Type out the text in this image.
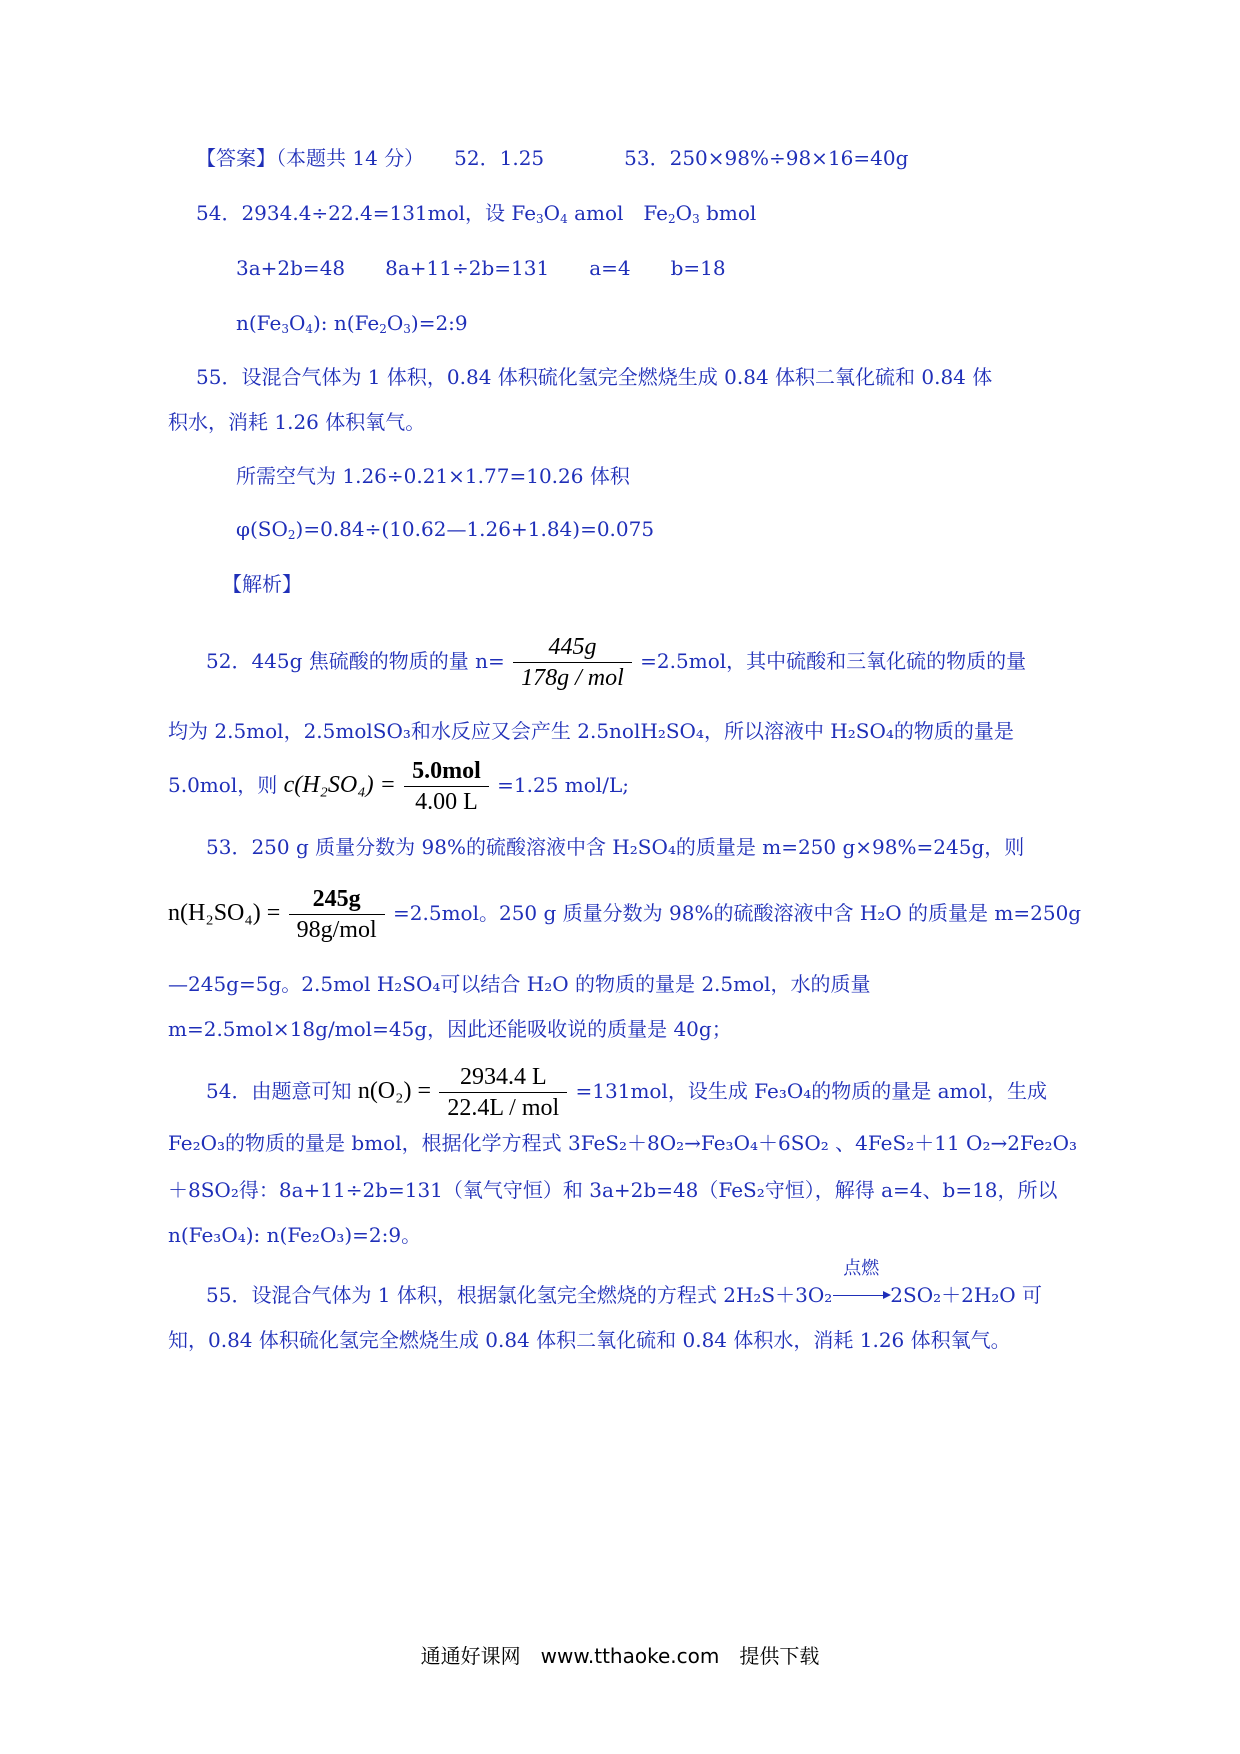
【答案】（本题共 14 分）　　52．1.25　　　　53．250×98%÷98×16=40g
54．2934.4÷22.4=131mol，设 $Fe_3O_4$ amol　$Fe_2O_3$ bmol
3a+2b=48　　8a+11÷2b=131　　a=4　　b=18
$n(Fe_3O_4)$: $n(Fe_2O_3)=2:9$
55．设混合气体为 1 体积，0.84 体积硫化氢完全燃烧生成 0.84 体积二氧化硫和 0.84 体
积水，消耗 1.26 体积氧气。
所需空气为 1.26÷0.21×1.77=10.26 体积
$\varphi(SO_2)=0.84\div(10.62—1.26+1.84)=0.075$
【解析】
52．445g 焦硫酸的物质的量 $n= \frac{445g}{\text{178g / mol}} =2.5mol$，其中硫酸和三氧化硫的物质的量
均为 2.5mol，2.5molSO₃和水反应又会产生 2.5nolH₂SO₄，所以溶液中 H₂SO₄的物质的量是
5.0mol，则 $c(H_2SO_4) = \frac{\text{5.0mol}}{4.00 L} =1.25$ mol/L;
53．250 g 质量分数为 98%的硫酸溶液中含 H₂SO₄的质量是 m=250 g×98%=245g，则
$n(H_2SO_4) = \frac{245g}{\text{98g/mol}} =2.5mol$。250 g 质量分数为 98%的硫酸溶液中含 H₂O 的质量是 m=250g
—245g=5g。2.5mol H₂SO₄可以结合 H₂O 的物质的量是 2.5mol，水的质量
m=2.5mol×18g/mol=45g，因此还能吸收说的质量是 40g；
54．由题意可知 $n(O_2) = \frac{2934.4 L}{\text{22.4L / mol}} =131mol$，设生成 Fe₃O₄的物质的量是 amol，生成
Fe₂O₃的物质的量是 bmol，根据化学方程式 3FeS₂＋8O₂→Fe₃O₄＋6SO₂ 、4FeS₂＋11 O₂→2Fe₂O₃
＋8SO₂得：8a+11÷2b=131（氧气守恒）和 3a+2b=48（FeS₂守恒），解得 a=4、b=18，所以
n(Fe₃O₄): n(Fe₂O₃)=2:9。
55．设混合气体为 1 体积，根据氯化氢完全燃烧的方程式 2H₂S＋3O₂
点燃
2SO₂＋2H₂O 可
知，0.84 体积硫化氢完全燃烧生成 0.84 体积二氧化硫和 0.84 体积水，消耗 1.26 体积氧气。
通通好课网　www.tthaoke.com　提供下载
